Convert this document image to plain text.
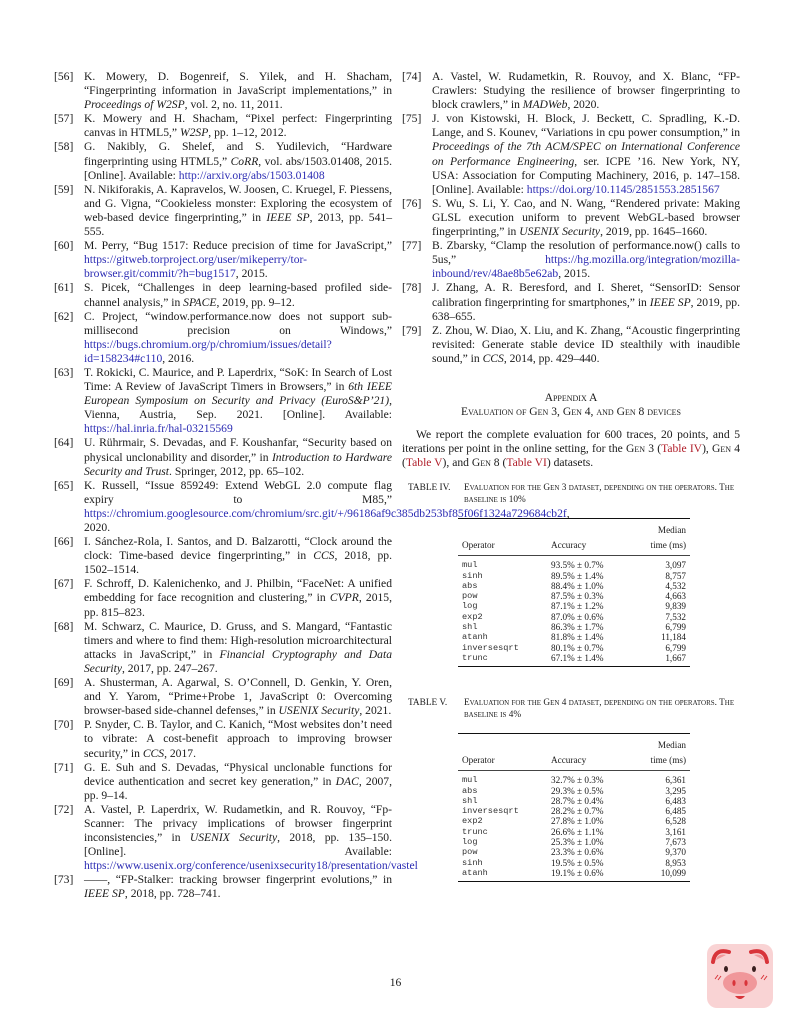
[56] K. Mowery, D. Bogenreif, S. Yilek, and H. Shacham, “Fingerprinting information in JavaScript implementations,” in Proceedings of W2SP, vol. 2, no. 11, 2011.

[57] K. Mowery and H. Shacham, “Pixel perfect: Fingerprinting canvas in HTML5,” W2SP, pp. 1–12, 2012.

[58] G. Nakibly, G. Shelef, and S. Yudilevich, “Hardware fingerprinting using HTML5,” CoRR, vol. abs/1503.01408, 2015. [Online]. Available: http://arxiv.org/abs/1503.01408

[59] N. Nikiforakis, A. Kapravelos, W. Joosen, C. Kruegel, F. Piessens, and G. Vigna, “Cookieless monster: Exploring the ecosystem of web-based device fingerprinting,” in IEEE SP, 2013, pp. 541–555.

[60] M. Perry, “Bug 1517: Reduce precision of time for JavaScript,” https://gitweb.torproject.org/user/mikeperry/tor-browser.git/commit/?h=bug1517, 2015.

[61] S. Picek, “Challenges in deep learning-based profiled side-channel analysis,” in SPACE, 2019, pp. 9–12.

[62] C. Project, “window.performance.now does not support sub-millisecond precision on Windows,” https://bugs.chromium.org/p/chromium/issues/detail?id=158234#c110, 2016.

[63] T. Rokicki, C. Maurice, and P. Laperdrix, “SoK: In Search of Lost Time: A Review of JavaScript Timers in Browsers,” in 6th IEEE European Symposium on Security and Privacy (EuroS&P’21), Vienna, Austria, Sep. 2021. [Online]. Available: https://hal.inria.fr/hal-03215569

[64] U. Rührmair, S. Devadas, and F. Koushanfar, “Security based on physical unclonability and disorder,” in Introduction to Hardware Security and Trust. Springer, 2012, pp. 65–102.

[65] K. Russell, “Issue 859249: Extend WebGL 2.0 compute flag expiry to M85,” https://chromium.googlesource.com/chromium/src.git/+/96186af9c385db253bf85f06f1324a729684cb2f, 2020.

[66] I. Sánchez-Rola, I. Santos, and D. Balzarotti, “Clock around the clock: Time-based device fingerprinting,” in CCS, 2018, pp. 1502–1514.

[67] F. Schroff, D. Kalenichenko, and J. Philbin, “FaceNet: A unified embedding for face recognition and clustering,” in CVPR, 2015, pp. 815–823.

[68] M. Schwarz, C. Maurice, D. Gruss, and S. Mangard, “Fantastic timers and where to find them: High-resolution microarchitectural attacks in JavaScript,” in Financial Cryptography and Data Security, 2017, pp. 247–267.

[69] A. Shusterman, A. Agarwal, S. O’Connell, D. Genkin, Y. Oren, and Y. Yarom, “Prime+Probe 1, JavaScript 0: Overcoming browser-based side-channel defenses,” in USENIX Security, 2021.

[70] P. Snyder, C. B. Taylor, and C. Kanich, “Most websites don’t need to vibrate: A cost-benefit approach to improving browser security,” in CCS, 2017.

[71] G. E. Suh and S. Devadas, “Physical unclonable functions for device authentication and secret key generation,” in DAC, 2007, pp. 9–14.

[72] A. Vastel, P. Laperdrix, W. Rudametkin, and R. Rouvoy, “Fp-Scanner: The privacy implications of browser fingerprint inconsistencies,” in USENIX Security, 2018, pp. 135–150. [Online]. Available: https://www.usenix.org/conference/usenixsecurity18/presentation/vastel

[73] ——, “FP-Stalker: tracking browser fingerprint evolutions,” in IEEE SP, 2018, pp. 728–741.

[74] A. Vastel, W. Rudametkin, R. Rouvoy, and X. Blanc, “FP-Crawlers: Studying the resilience of browser fingerprinting to block crawlers,” in MADWeb, 2020.

[75] J. von Kistowski, H. Block, J. Beckett, C. Spradling, K.-D. Lange, and S. Kounev, “Variations in cpu power consumption,” in Proceedings of the 7th ACM/SPEC on International Conference on Performance Engineering, ser. ICPE ’16. New York, NY, USA: Association for Computing Machinery, 2016, p. 147–158. [Online]. Available: https://doi.org/10.1145/2851553.2851567

[76] S. Wu, S. Li, Y. Cao, and N. Wang, “Rendered private: Making GLSL execution uniform to prevent WebGL-based browser fingerprinting,” in USENIX Security, 2019, pp. 1645–1660.

[77] B. Zbarsky, “Clamp the resolution of performance.now() calls to 5us,” https://hg.mozilla.org/integration/mozilla-inbound/rev/48ae8b5e62ab, 2015.

[78] J. Zhang, A. R. Beresford, and I. Sheret, “SensorID: Sensor calibration fingerprinting for smartphones,” in IEEE SP, 2019, pp. 638–655.

[79] Z. Zhou, W. Diao, X. Liu, and K. Zhang, “Acoustic fingerprinting revisited: Generate stable device ID stealthily with inaudible sound,” in CCS, 2014, pp. 429–440.

Appendix A
Evaluation of Gen 3, Gen 4, and Gen 8 devices

We report the complete evaluation for 600 traces, 20 points, and 5 iterations per point in the online setting, for the Gen 3 (Table IV), Gen 4 (Table V), and Gen 8 (Table VI) datasets.

TABLE IV.	Evaluation for the Gen 3 dataset, depending on the operators. The baseline is 10%
		Median
Operator	Accuracy	time (ms)
mul	93.5% ± 0.7%	3,097
sinh	89.5% ± 1.4%	8,757
abs	88.4% ± 1.0%	4,532
pow	87.5% ± 0.3%	4,663
log	87.1% ± 1.2%	9,839
exp2	87.0% ± 0.6%	7,532
shl	86.3% ± 1.7%	6,799
atanh	81.8% ± 1.4%	11,184
inversesqrt	80.1% ± 0.7%	6,799
trunc	67.1% ± 1.4%	1,667
TABLE V.	Evaluation for the Gen 4 dataset, depending on the operators. The baseline is 4%
		Median
Operator	Accuracy	time (ms)
mul	32.7% ± 0.3%	6,361
abs	29.3% ± 0.5%	3,295
shl	28.7% ± 0.4%	6,483
inversesqrt	28.2% ± 0.7%	6,485
exp2	27.8% ± 1.0%	6,528
trunc	26.6% ± 1.1%	3,161
log	25.3% ± 1.0%	7,673
pow	23.3% ± 0.6%	9,370
sinh	19.5% ± 0.5%	8,953
atanh	19.1% ± 0.6%	10,099
16
